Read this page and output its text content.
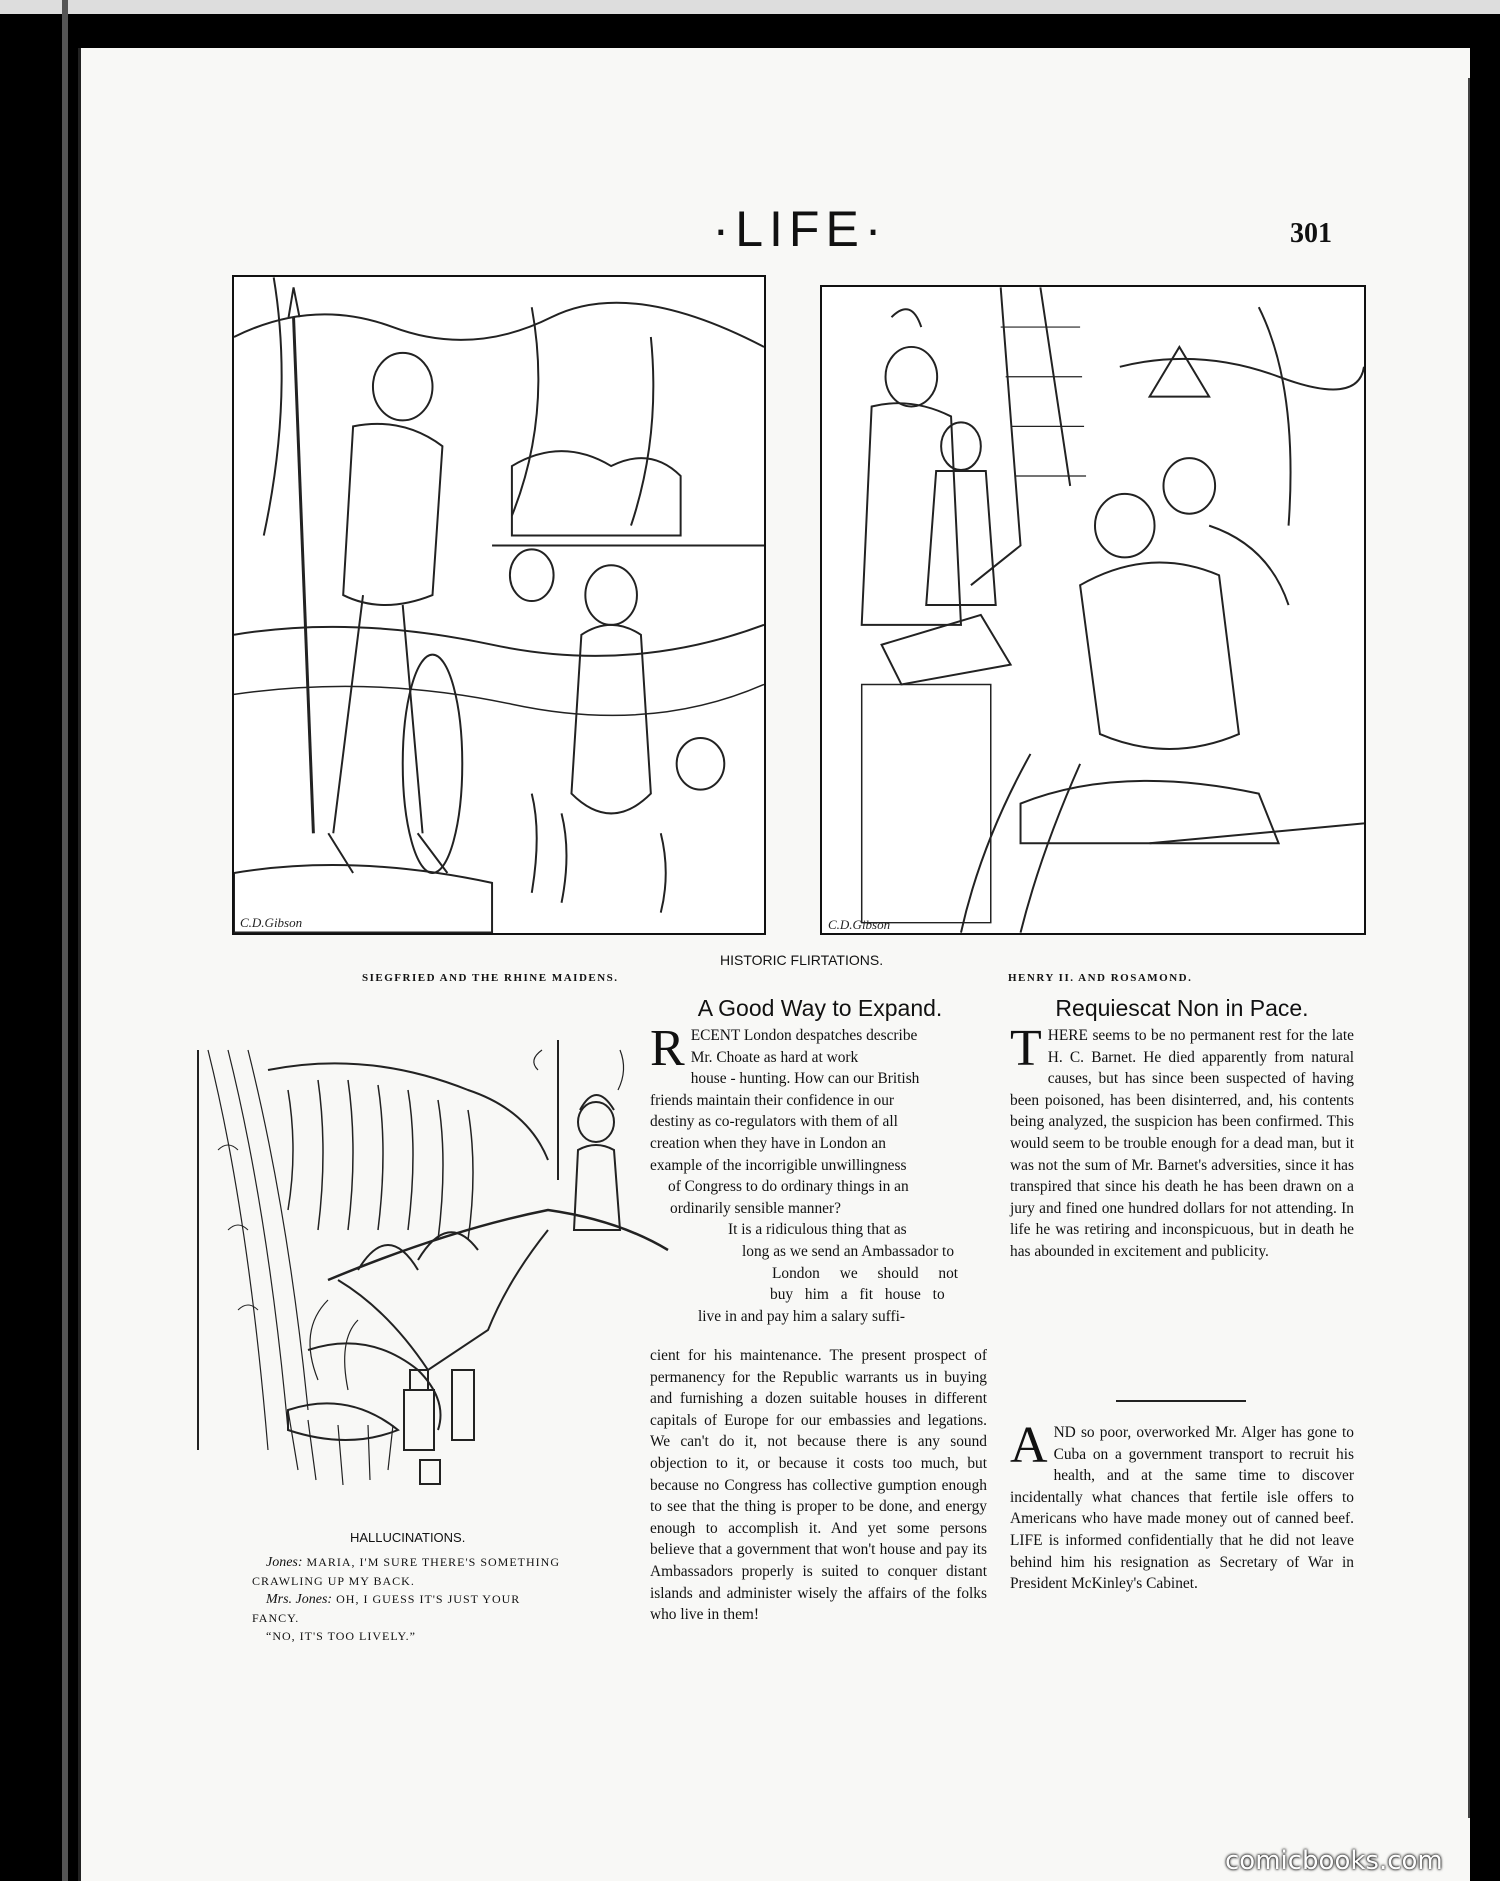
·LIFE·	301
C.D.Gibson	C.D.Gibson
SIEGFRIED AND THE RHINE MAIDENS.
HISTORIC FLIRTATIONS.
HENRY II. AND ROSAMOND.
HALLUCINATIONS.
Jones: MARIA, I'M SURE THERE'S SOMETHING
CRAWLING UP MY BACK.
Mrs. Jones: OH, I GUESS IT'S JUST YOUR
FANCY.
“NO, IT'S TOO LIVELY.”
A Good Way to Expand.
R ECENT London despatches describe
Mr. Choate as hard at work
house - hunting. How can our British
friends maintain their confidence in our
destiny as co-regulators with them of all
creation when they have in London an
example of the incorrigible unwillingness
of Congress to do ordinary things in an
ordinarily sensible manner?
It is a ridiculous thing that as
long as we send an Ambassador to
London we should not
buy him a fit house to
live in and pay him a salary suffi-
cient for his maintenance. The present prospect of permanency for the Republic warrants us in buying and furnishing a dozen suitable houses in different capitals of Europe for our embassies and legations. We can't do it, not because there is any sound objection to it, or because it costs too much, but because no Congress has collective gumption enough to see that the thing is proper to be done, and energy enough to accomplish it. And yet some persons believe that a government that won't house and pay its Ambassadors properly is suited to conquer distant islands and administer wisely the affairs of the folks who live in them!
Requiescat Non in Pace.
T HERE seems to be no permanent rest for the late H. C. Barnet. He died apparently from natural causes, but has since been suspected of having been poisoned, has been disinterred, and, his contents being analyzed, the suspicion has been confirmed. This would seem to be trouble enough for a dead man, but it was not the sum of Mr. Barnet's adversities, since it has transpired that since his death he has been drawn on a jury and fined one hundred dollars for not attending. In life he was retiring and inconspicuous, but in death he has abounded in excitement and publicity.
A ND so poor, overworked Mr. Alger has gone to Cuba on a government transport to recruit his health, and at the same time to discover incidentally what chances that fertile isle offers to Americans who have made money out of canned beef. LIFE is informed confidentially that he did not leave behind him his resignation as Secretary of War in President McKinley's Cabinet.
comicbooks.com
